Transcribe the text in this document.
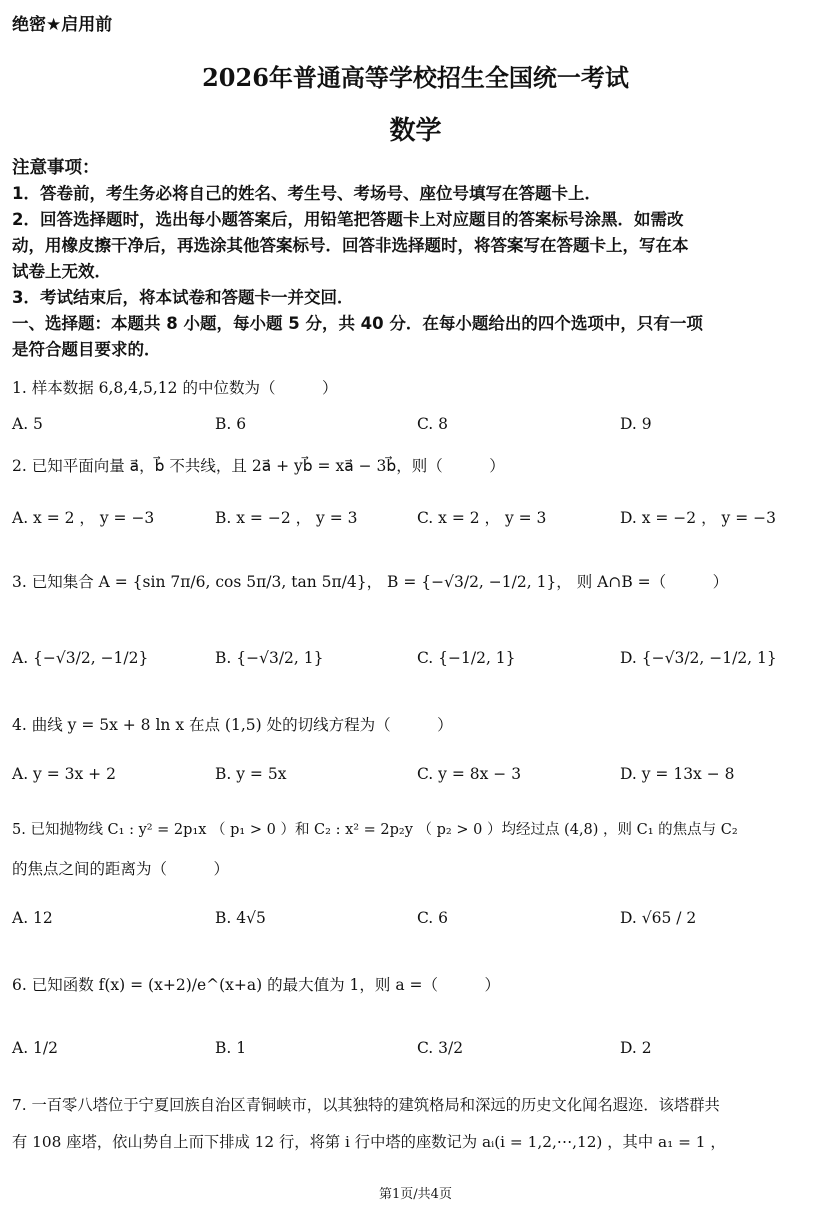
绝密★启用前
2026年普通高等学校招生全国统一考试
数学
注意事项：
1．答卷前，考生务必将自己的姓名、考生号、考场号、座位号填写在答题卡上．
2．回答选择题时，选出每小题答案后，用铅笔把答题卡上对应题目的答案标号涂黑．如需改
动，用橡皮擦干净后，再选涂其他答案标号．回答非选择题时，将答案写在答题卡上，写在本
试卷上无效．
3．考试结束后，将本试卷和答题卡一并交回．
一、选择题：本题共 8 小题，每小题 5 分，共 40 分．在每小题给出的四个选项中，只有一项
是符合题目要求的．
1. 样本数据 6,8,4,5,12 的中位数为（　　　）
A. 5	B. 6	C. 8	D. 9
2. 已知平面向量 a⃗，b⃗ 不共线，且 2a⃗ + yb⃗ = xa⃗ − 3b⃗，则（　　　）
A. x = 2 ， y = −3	B. x = −2 ， y = 3	C. x = 2 ， y = 3	D. x = −2 ， y = −3
3. 已知集合 A = {sin 7π/6, cos 5π/3, tan 5π/4}， B = {−√3/2, −1/2, 1}， 则 A∩B =（　　　）
A. {−√3/2, −1/2}	B. {−√3/2, 1}	C. {−1/2, 1}	D. {−√3/2, −1/2, 1}
4. 曲线 y = 5x + 8 ln x 在点 (1,5) 处的切线方程为（　　　）
A. y = 3x + 2	B. y = 5x	C. y = 8x − 3	D. y = 13x − 8
5. 已知抛物线 C₁ : y² = 2p₁x （ p₁ > 0 ）和 C₂ : x² = 2p₂y （ p₂ > 0 ）均经过点 (4,8) ，则 C₁ 的焦点与 C₂
的焦点之间的距离为（　　　）
A. 12	B. 4√5	C. 6	D. √65 / 2
6. 已知函数 f(x) = (x+2)/e^(x+a) 的最大值为 1，则 a =（　　　）
A. 1/2	B. 1	C. 3/2	D. 2
7. 一百零八塔位于宁夏回族自治区青铜峡市，以其独特的建筑格局和深远的历史文化闻名遐迩．该塔群共
有 108 座塔，依山势自上而下排成 12 行，将第 i 行中塔的座数记为 aᵢ(i = 1,2,⋯,12) ，其中 a₁ = 1 ，
第1页/共4页
